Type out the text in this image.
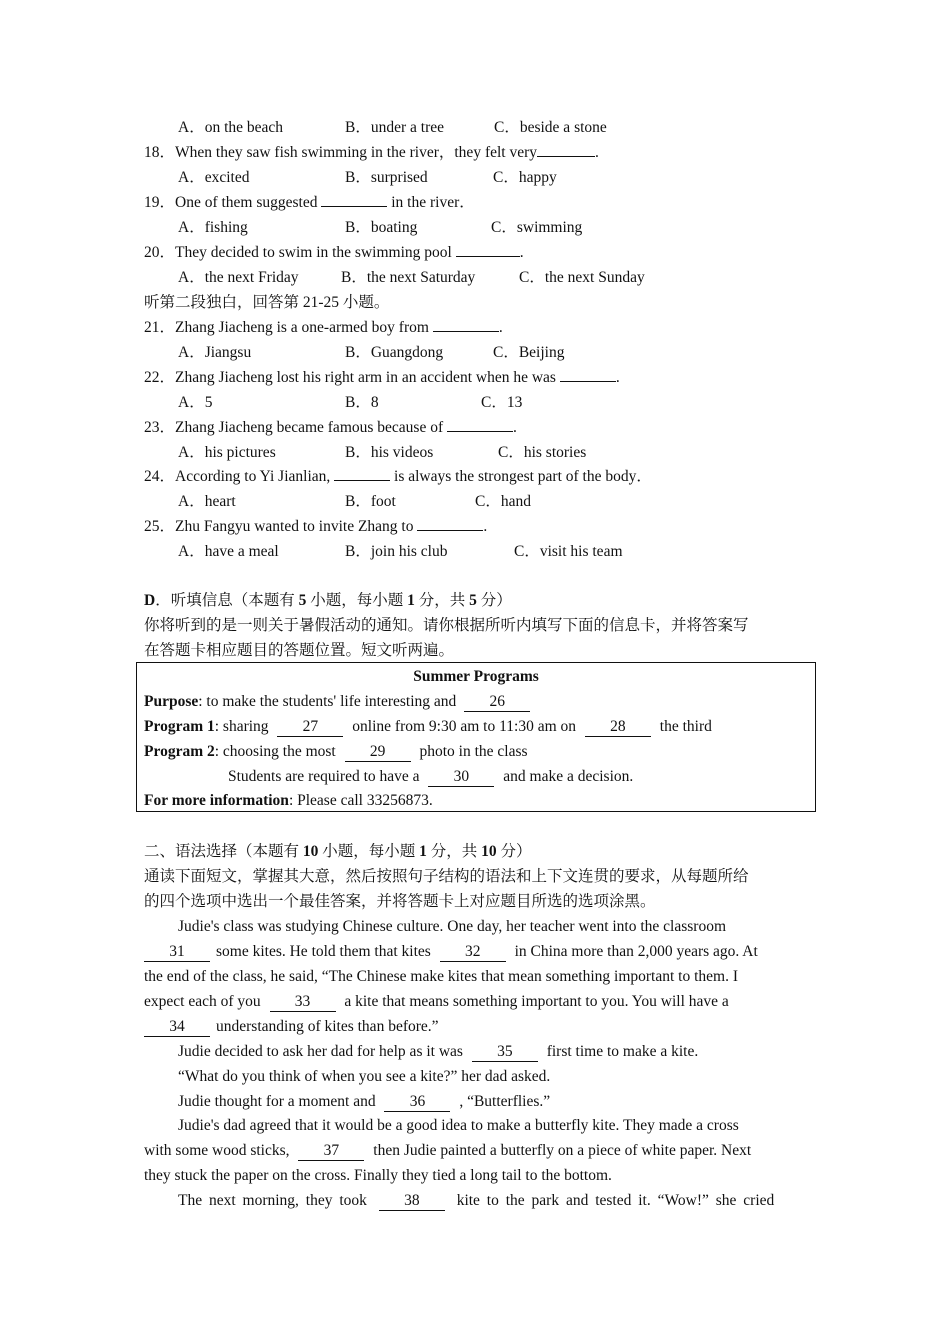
A．on the beach	B．under a tree	C．beside a stone
18．When they saw fish swimming in the river，they felt very	.
A．excited	B．surprised	C．happy
19．One of them suggested	in the river．
A．fishing	B．boating	C．swimming
20．They decided to swim in the swimming pool	.
A．the next Friday	B．the next Saturday	C．the next Sunday
听第二段独白，回答第 21-25 小题。
21．Zhang Jiacheng is a one-armed boy from	.
A．Jiangsu	B．Guangdong	C．Beijing
22．Zhang Jiacheng lost his right arm in an accident when he was	.
A．5	B．8	C．13
23．Zhang Jiacheng became famous because of	.
A．his pictures	B．his videos	C．his stories
24．According to Yi Jianlian,	is always the strongest part of the body．
A．heart	B．foot	C．hand
25．Zhu Fangyu wanted to invite Zhang to	.
A．have a meal	B．join his club	C．visit his team
D．听填信息（本题有 5 小题，每小题 1 分，共 5 分）
你将听到的是一则关于暑假活动的通知。请你根据所听内填写下面的信息卡，并将答案写
在答题卡相应题目的答题位置。短文听两遍。
Summer Programs
Purpose: to make the students' life interesting and 26
Program 1: sharing 27 online from 9:30 am to 11:30 am on 28 the third
Program 2: choosing the most 29 photo in the class
Students are required to have a 30 and make a decision.
For more information: Please call 33256873.
二、语法选择（本题有 10 小题，每小题 1 分，共 10 分）
通读下面短文，掌握其大意，然后按照句子结构的语法和上下文连贯的要求，从每题所给
的四个选项中选出一个最佳答案，并将答题卡上对应题目所选的选项涂黑。
Judie's class was studying Chinese culture. One day, her teacher went into the classroom
31 some kites. He told them that kites 32 in China more than 2,000 years ago. At
the end of the class, he said, “The Chinese make kites that mean something important to them. I
expect each of you 33 a kite that means something important to you. You will have a
34 understanding of kites than before.”
Judie decided to ask her dad for help as it was 35 first time to make a kite.
“What do you think of when you see a kite?” her dad asked.
Judie thought for a moment and 36 , “Butterflies.”
Judie's dad agreed that it would be a good idea to make a butterfly kite. They made a cross
with some wood sticks, 37 then Judie painted a butterfly on a piece of white paper. Next
they stuck the paper on the cross. Finally they tied a long tail to the bottom.
The next morning, they took 38 kite to the park and tested it. “Wow!” she cried
